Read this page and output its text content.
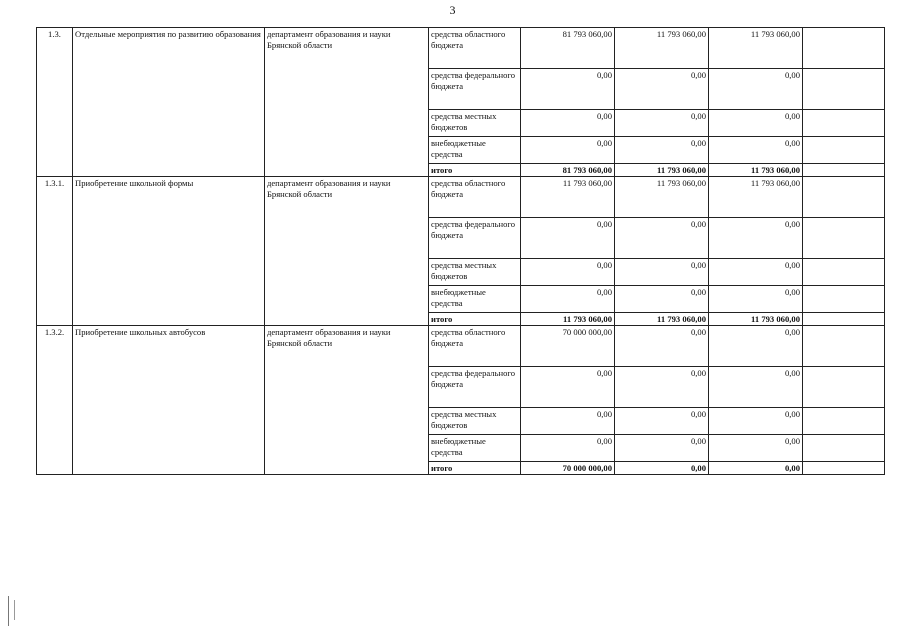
3
1.3.	Отдельные мероприятия по развитию образования	департамент образования и науки Брянской области	средства областного бюджета	81 793 060,00	11 793 060,00	11 793 060,00	
			средства федерального бюджета	0,00	0,00	0,00	
			средства местных бюджетов	0,00	0,00	0,00	
			внебюджетные средства	0,00	0,00	0,00	
			итого	81 793 060,00	11 793 060,00	11 793 060,00	
1.3.1.	Приобретение школьной формы	департамент образования и науки Брянской области	средства областного бюджета	11 793 060,00	11 793 060,00	11 793 060,00	
			средства федерального бюджета	0,00	0,00	0,00	
			средства местных бюджетов	0,00	0,00	0,00	
			внебюджетные средства	0,00	0,00	0,00	
			итого	11 793 060,00	11 793 060,00	11 793 060,00	
1.3.2.	Приобретение школьных автобусов	департамент образования и науки Брянской области	средства областного бюджета	70 000 000,00	0,00	0,00	
			средства федерального бюджета	0,00	0,00	0,00	
			средства местных бюджетов	0,00	0,00	0,00	
			внебюджетные средства	0,00	0,00	0,00	
			итого	70 000 000,00	0,00	0,00	
